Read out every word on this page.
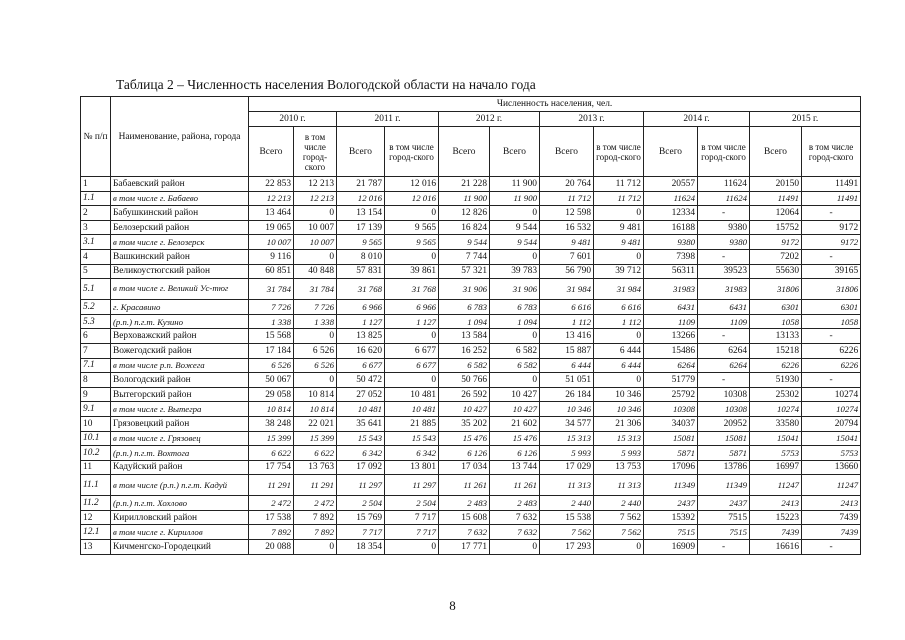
Таблица 2 – Численность населения Вологодской области на начало года
№ п/п	Наименование, района, города	Численность населения, чел.											
		2010 г.		2011 г.		2012 г.		2013 г.		2014 г.		2015 г.	
		Всего	в том числе город-ского	Всего	в том числе город-ского	Всего	Всего	Всего	в том числе город-ского	Всего	в том числе город-ского	Всего	в том числе город-ского
1	Бабаевский район	22 853	12 213	21 787	12 016	21 228	11 900	20 764	11 712	20557	11624	20150	11491
1.1	в том числе г. Бабаево	12 213	12 213	12 016	12 016	11 900	11 900	11 712	11 712	11624	11624	11491	11491
2	Бабушкинский район	13 464	0	13 154	0	12 826	0	12 598	0	12334	-	12064	-
3	Белозерский район	19 065	10 007	17 139	9 565	16 824	9 544	16 532	9 481	16188	9380	15752	9172
3.1	в том числе г. Белозерск	10 007	10 007	9 565	9 565	9 544	9 544	9 481	9 481	9380	9380	9172	9172
4	Вашкинский район	9 116	0	8 010	0	7 744	0	7 601	0	7398	-	7202	-
5	Великоустюгский район	60 851	40 848	57 831	39 861	57 321	39 783	56 790	39 712	56311	39523	55630	39165
5.1	в том числе г. Великий Ус-тюг	31 784	31 784	31 768	31 768	31 906	31 906	31 984	31 984	31983	31983	31806	31806
5.2	г. Красавино	7 726	7 726	6 966	6 966	6 783	6 783	6 616	6 616	6431	6431	6301	6301
5.3	(р.п.) п.г.т. Кузино	1 338	1 338	1 127	1 127	1 094	1 094	1 112	1 112	1109	1109	1058	1058
6	Верховажский район	15 568	0	13 825	0	13 584	0	13 416	0	13266	-	13133	-
7	Вожегодский район	17 184	6 526	16 620	6 677	16 252	6 582	15 887	6 444	15486	6264	15218	6226
7.1	в том числе р.п. Вожега	6 526	6 526	6 677	6 677	6 582	6 582	6 444	6 444	6264	6264	6226	6226
8	Вологодский район	50 067	0	50 472	0	50 766	0	51 051	0	51779	-	51930	-
9	Вытегорский район	29 058	10 814	27 052	10 481	26 592	10 427	26 184	10 346	25792	10308	25302	10274
9.1	в том числе г. Вытегра	10 814	10 814	10 481	10 481	10 427	10 427	10 346	10 346	10308	10308	10274	10274
10	Грязовецкий район	38 248	22 021	35 641	21 885	35 202	21 602	34 577	21 306	34037	20952	33580	20794
10.1	в том числе г. Грязовец	15 399	15 399	15 543	15 543	15 476	15 476	15 313	15 313	15081	15081	15041	15041
10.2	(р.п.) п.г.т. Вохтога	6 622	6 622	6 342	6 342	6 126	6 126	5 993	5 993	5871	5871	5753	5753
11	Кадуйский район	17 754	13 763	17 092	13 801	17 034	13 744	17 029	13 753	17096	13786	16997	13660
11.1	в том числе (р.п.) п.г.т. Кадуй	11 291	11 291	11 297	11 297	11 261	11 261	11 313	11 313	11349	11349	11247	11247
11.2	(р.п.) п.г.т. Хохлово	2 472	2 472	2 504	2 504	2 483	2 483	2 440	2 440	2437	2437	2413	2413
12	Кирилловский район	17 538	7 892	15 769	7 717	15 608	7 632	15 538	7 562	15392	7515	15223	7439
12.1	в том числе г. Кириллов	7 892	7 892	7 717	7 717	7 632	7 632	7 562	7 562	7515	7515	7439	7439
13	Кичменгско-Городецкий	20 088	0	18 354	0	17 771	0	17 293	0	16909	-	16616	-
8
